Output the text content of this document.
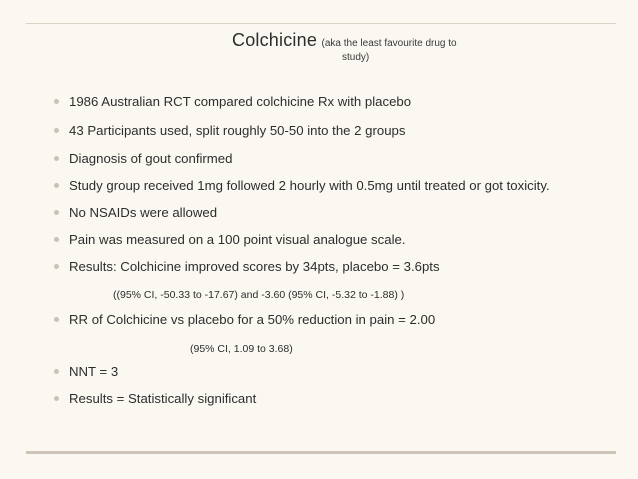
Colchicine (aka the least favourite drug to
study)
1986 Australian RCT compared colchicine Rx with placebo
43 Participants used, split roughly 50-50 into the 2 groups
Diagnosis of gout confirmed
Study group received 1mg followed 2 hourly with 0.5mg until treated or got toxicity.
No NSAIDs were allowed
Pain was measured on a 100 point visual analogue scale.
Results: Colchicine improved scores by 34pts, placebo = 3.6pts
((95% CI, -50.33 to -17.67) and -3.60 (95% CI, -5.32 to -1.88) )
RR of Colchicine vs placebo for a 50% reduction in pain = 2.00
(95% CI, 1.09 to 3.68)
NNT = 3
Results = Statistically significant
